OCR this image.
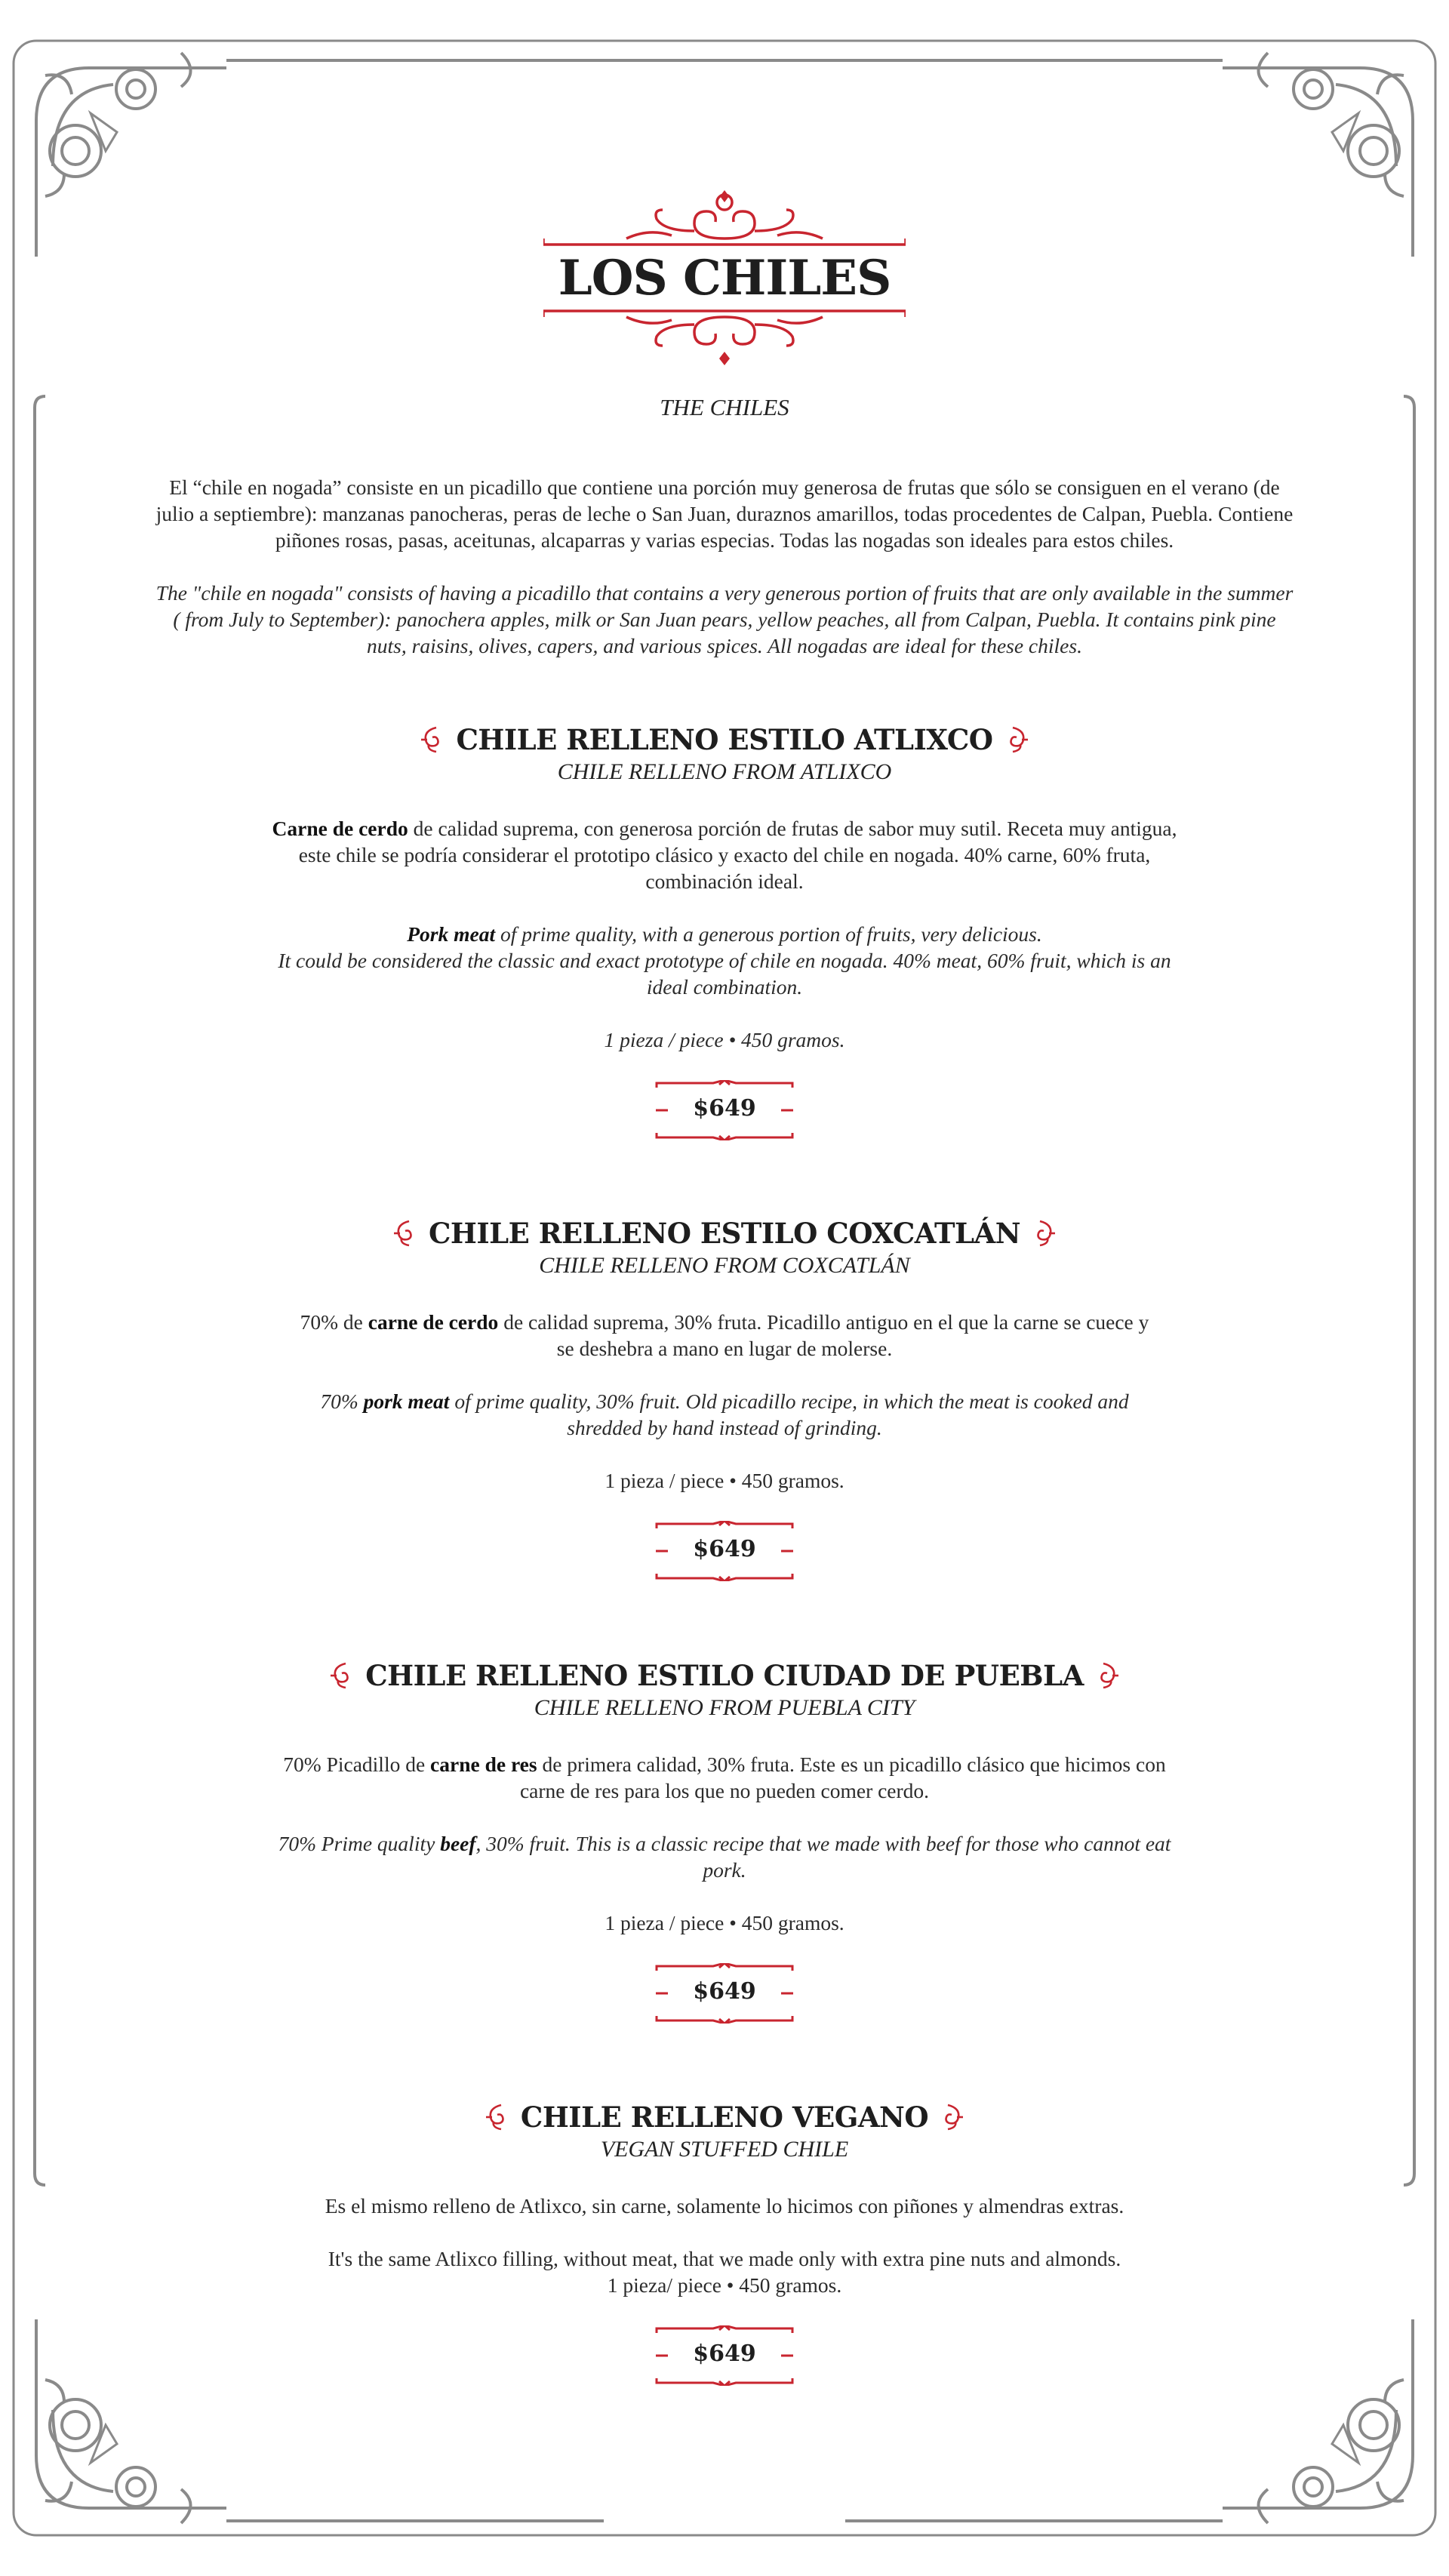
LOS CHILES
THE CHILES

El “chile en nogada” consiste en un picadillo que contiene una porción muy generosa de frutas que sólo se consiguen en el verano (de julio a septiembre): manzanas panocheras, peras de leche o San Juan, duraznos amarillos, todas procedentes de Calpan, Puebla. Contiene piñones rosas, pasas, aceitunas, alcaparras y varias especias. Todas las nogadas son ideales para estos chiles.

The "chile en nogada" consists of having a picadillo that contains a very generous portion of fruits that are only available in the summer ( from July to September): panochera apples, milk or San Juan pears, yellow peaches, all from Calpan, Puebla. It contains pink pine nuts, raisins, olives, capers, and various spices. All nogadas are ideal for these chiles.

CHILE RELLENO ESTILO ATLIXCO
CHILE RELLENO FROM ATLIXCO

Carne de cerdo de calidad suprema, con generosa porción de frutas de sabor muy sutil. Receta muy antigua, este chile se podría considerar el prototipo clásico y exacto del chile en nogada. 40% carne, 60% fruta, combinación ideal.

Pork meat of prime quality, with a generous portion of fruits, very delicious.
It could be considered the classic and exact prototype of chile en nogada. 40% meat, 60% fruit, which is an ideal combination.

1 pieza / piece • 450 gramos.
$649
CHILE RELLENO ESTILO COXCATLÁN
CHILE RELLENO FROM COXCATLÁN

70% de carne de cerdo de calidad suprema, 30% fruta. Picadillo antiguo en el que la carne se cuece y se deshebra a mano en lugar de molerse.

70% pork meat of prime quality, 30% fruit. Old picadillo recipe, in which the meat is cooked and shredded by hand instead of grinding.

1 pieza / piece • 450 gramos.
$649
CHILE RELLENO ESTILO CIUDAD DE PUEBLA
CHILE RELLENO FROM PUEBLA CITY

70% Picadillo de carne de res de primera calidad, 30% fruta. Este es un picadillo clásico que hicimos con carne de res para los que no pueden comer cerdo.

70% Prime quality beef, 30% fruit. This is a classic recipe that we made with beef for those who cannot eat pork.

1 pieza / piece • 450 gramos.
$649
CHILE RELLENO VEGANO
VEGAN STUFFED CHILE

Es el mismo relleno de Atlixco, sin carne, solamente lo hicimos con piñones y almendras extras.

It's the same Atlixco filling, without meat, that we made only with extra pine nuts and almonds.

1 pieza/ piece • 450 gramos.
$649
